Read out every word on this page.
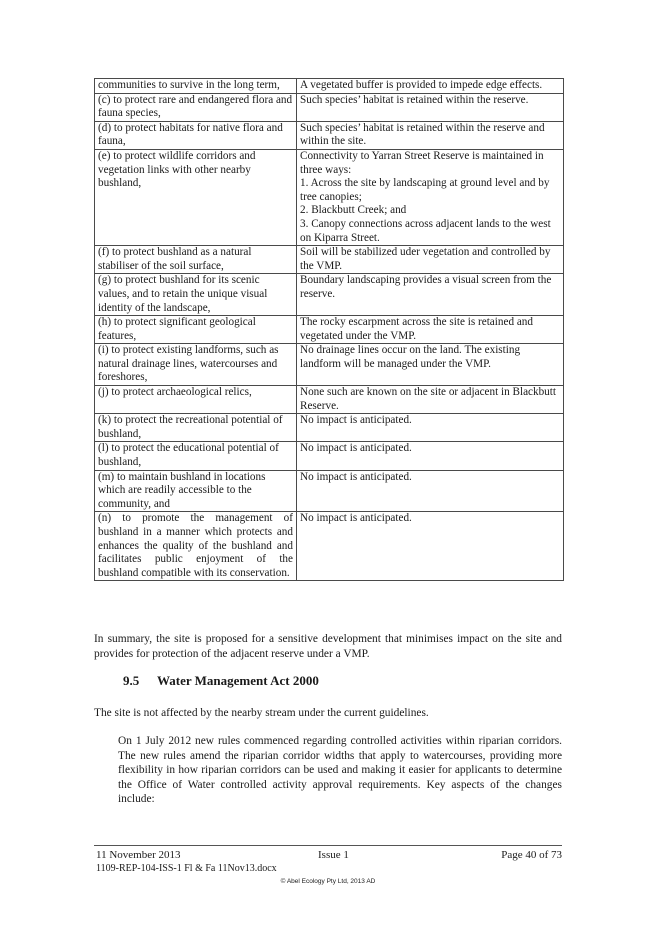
communities to survive in the long term,	A vegetated buffer is provided to impede edge effects.
(c) to protect rare and endangered flora and fauna species,	Such species’ habitat is retained within the reserve.
(d) to protect habitats for native flora and fauna,	Such species’ habitat is retained within the reserve and within the site.
(e) to protect wildlife corridors and vegetation links with other nearby bushland,	Connectivity to Yarran Street Reserve is maintained in three ways:
1. Across the site by landscaping at ground level and by tree canopies;
2. Blackbutt Creek; and
3. Canopy connections across adjacent lands to the west on Kiparra Street.

(f) to protect bushland as a natural stabiliser of the soil surface,	Soil will be stabilized uder vegetation and controlled by the VMP.
(g) to protect bushland for its scenic values, and to retain the unique visual identity of the landscape,	Boundary landscaping provides a visual screen from the reserve.
(h) to protect significant geological features,	The rocky escarpment across the site is retained and vegetated under the VMP.
(i) to protect existing landforms, such as natural drainage lines, watercourses and foreshores,	No drainage lines occur on the land. The existing landform will be managed under the VMP.
(j) to protect archaeological relics,	None such are known on the site or adjacent in Blackbutt Reserve.
(k) to protect the recreational potential of bushland,	No impact is anticipated.
(l) to protect the educational potential of bushland,	No impact is anticipated.
(m) to maintain bushland in locations which are readily accessible to the community, and	No impact is anticipated.
(n) to promote the management of bushland in a manner which protects and enhances the quality of the bushland and facilitates public enjoyment of the bushland compatible with its conservation.	No impact is anticipated.
In summary, the site is proposed for a sensitive development that minimises impact on the site and provides for protection of the adjacent reserve under a VMP.
9.5 Water Management Act 2000
The site is not affected by the nearby stream under the current guidelines.
On 1 July 2012 new rules commenced regarding controlled activities within riparian corridors. The new rules amend the riparian corridor widths that apply to watercourses, providing more flexibility in how riparian corridors can be used and making it easier for applicants to determine the Office of Water controlled activity approval requirements. Key aspects of the changes include:
11 November 2013	Issue 1	Page 40 of 73
1109-REP-104-ISS-1 Fl & Fa 11Nov13.docx
© Abel Ecology Pty Ltd, 2013 AD
